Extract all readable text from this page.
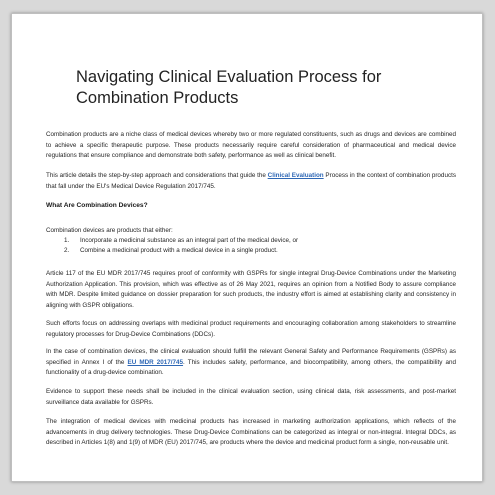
Navigating Clinical Evaluation Process for
Combination Products

Combination products are a niche class of medical devices whereby two or more regulated constituents, such as drugs and devices are combined to achieve a specific therapeutic purpose. These products necessarily require careful consideration of pharmaceutical and medical device regulations that ensure compliance and demonstrate both safety, performance as well as clinical benefit.

This article details the step-by-step approach and considerations that guide the Clinical Evaluation Process in the context of combination products that fall under the EU's Medical Device Regulation 2017/745.

What Are Combination Devices?

Combination devices are products that either:

1. Incorporate a medicinal substance as an integral part of the medical device, or
2. Combine a medicinal product with a medical device in a single product.

Article 117 of the EU MDR 2017/745 requires proof of conformity with GSPRs for single integral Drug-Device Combinations under the Marketing Authorization Application. This provision, which was effective as of 26 May 2021, requires an opinion from a Notified Body to assure compliance with MDR. Despite limited guidance on dossier preparation for such products, the industry effort is aimed at establishing clarity and consistency in aligning with GSPR obligations.

Such efforts focus on addressing overlaps with medicinal product requirements and encouraging collaboration among stakeholders to streamline regulatory processes for Drug-Device Combinations (DDCs).

In the case of combination devices, the clinical evaluation should fulfill the relevant General Safety and Performance Requirements (GSPRs) as specified in Annex I of the EU MDR 2017/745. This includes safety, performance, and biocompatibility, among others, the compatibility and functionality of a drug-device combination.

Evidence to support these needs shall be included in the clinical evaluation section, using clinical data, risk assessments, and post-market surveillance data available for GSPRs.

The integration of medical devices with medicinal products has increased in marketing authorization applications, which reflects of the advancements in drug delivery technologies. These Drug-Device Combinations can be categorized as integral or non-integral. Integral DDCs, as described in Articles 1(8) and 1(9) of MDR (EU) 2017/745, are products where the device and medicinal product form a single, non-reusable unit.
